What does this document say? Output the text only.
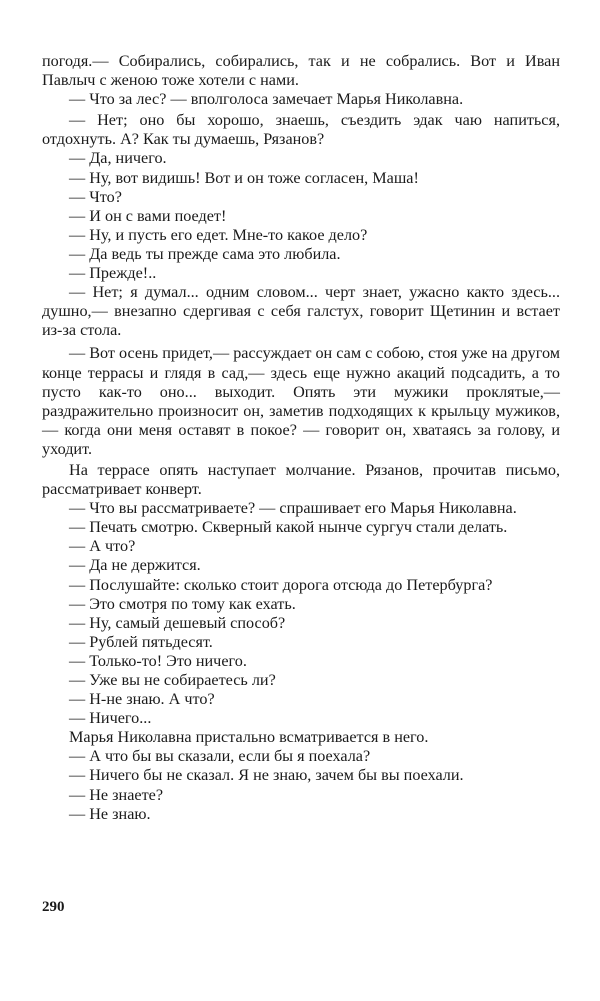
погодя.— Собирались, собирались, так и не собрались. Вот и Иван Павлыч с женою тоже хотели с нами.

— Что за лес? — вполголоса замечает Марья Николавна.

— Нет; оно бы хорошо, знаешь, съездить эдак чаю напиться, отдохнуть. А? Как ты думаешь, Рязанов?

— Да, ничего.

— Ну, вот видишь! Вот и он тоже согласен, Маша!

— Что?

— И он с вами поедет!

— Ну, и пусть его едет. Мне-то какое дело?

— Да ведь ты прежде сама это любила.

— Прежде!..

— Нет; я думал... одним словом... черт знает, ужасно както здесь... душно,— внезапно сдергивая с себя галстух, говорит Щетинин и встает из-за стола.

— Вот осень придет,— рассуждает он сам с собою, стоя уже на другом конце террасы и глядя в сад,— здесь еще нужно акаций подсадить, а то пусто как-то оно... выходит. Опять эти мужики проклятые,— раздражительно произносит он, заметив подходящих к крыльцу мужиков,— когда они меня оставят в покое? — говорит он, хватаясь за голову, и уходит.

На террасе опять наступает молчание. Рязанов, прочитав письмо, рассматривает конверт.

— Что вы рассматриваете? — спрашивает его Марья Николавна.

— Печать смотрю. Скверный какой нынче сургуч стали делать.

— А что?

— Да не держится.

— Послушайте: сколько стоит дорога отсюда до Петербурга?

— Это смотря по тому как ехать.

— Ну, самый дешевый способ?

— Рублей пятьдесят.

— Только-то! Это ничего.

— Уже вы не собираетесь ли?

— Н-не знаю. А что?

— Ничего...

Марья Николавна пристально всматривается в него.

— А что бы вы сказали, если бы я поехала?

— Ничего бы не сказал. Я не знаю, зачем бы вы поехали.

— Не знаете?

— Не знаю.

290
